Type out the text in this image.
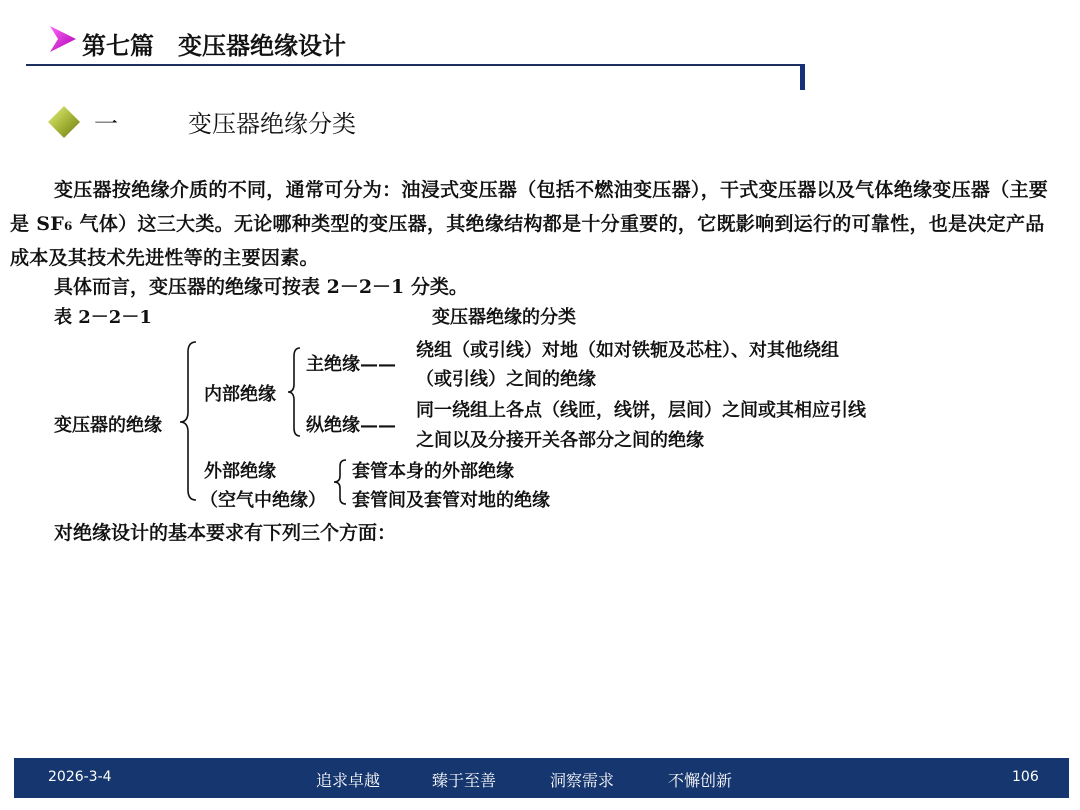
第七篇　变压器绝缘设计
一	变压器绝缘分类
变压器按绝缘介质的不同，通常可分为：油浸式变压器（包括不燃油变压器），干式变压器以及气体绝缘变压器（主要是 SF₆ 气体）这三大类。无论哪种类型的变压器，其绝缘结构都是十分重要的，它既影响到运行的可靠性，也是决定产品成本及其技术先进性等的主要因素。
具体而言，变压器的绝缘可按表 2－2－1 分类。
表 2－2－1	变压器绝缘的分类
变压器的绝缘
内部绝缘
主绝缘——
纵绝缘——
绕组（或引线）对地（如对铁轭及芯柱）、对其他绕组
（或引线）之间的绝缘
同一绕组上各点（线匝，线饼，层间）之间或其相应引线
之间以及分接开关各部分之间的绝缘
外部绝缘
（空气中绝缘）
套管本身的外部绝缘
套管间及套管对地的绝缘
对绝缘设计的基本要求有下列三个方面：
2026-3-4	追求卓越	臻于至善	洞察需求	不懈创新	106
